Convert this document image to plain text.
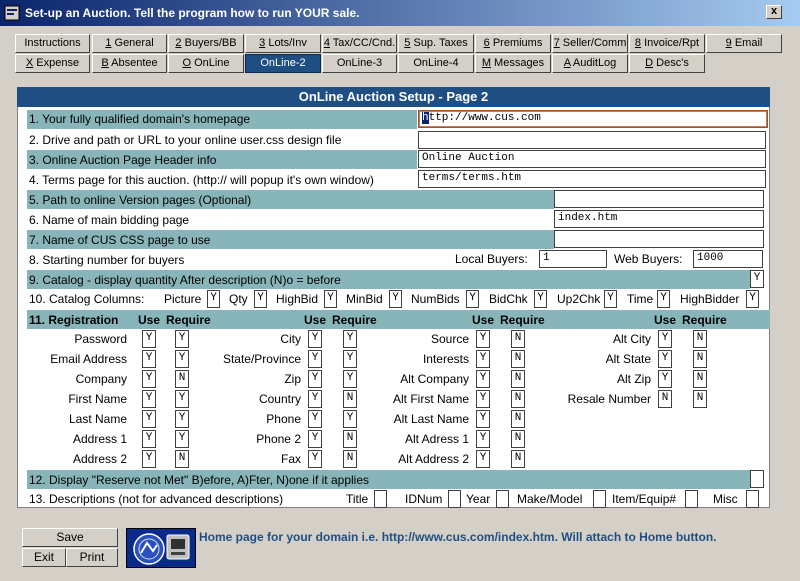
Set-up an Auction. Tell the program how to run YOUR sale.	x
Instructions	1 General	2 Buyers/BB	3 Lots/Inv	4 Tax/CC/Cnd. 5 Sup. Taxes	6 Premiums	7 Seller/Comm 8 Invoice/Rpt	9 Email
X Expense	B Absentee	O OnLine	OnLine-2	OnLine-3	OnLine-4	M Messages	A AuditLog	D Desc's
OnLine Auction Setup - Page 2
1. Your fully qualified domain's homepage	http://www.cus.com
2. Drive and path or URL to your online user.css design file
3. Online Auction Page Header info	Online Auction
4. Terms page for this auction. (http:// will popup it's own window)	terms/terms.htm
5. Path to online Version pages (Optional)
6. Name of main bidding page	index.htm
7. Name of CUS CSS page to use
8. Starting number for buyers	Local Buyers:	1	Web Buyers:	1000
9. Catalog - display quantity After description (N)o = before	Y
10. Catalog Columns: Picture Y Qty Y HighBid Y MinBid Y NumBids Y BidChk Y Up2Chk Y Time Y HighBidder Y
11. Registration Use Require
Password	Y	Y
Email Address	Y	Y
Company	Y	N
First Name	Y	Y
Last Name	Y	Y
Address 1	Y	Y
Address 2	Y	N
Use Require
City Y	Y
State/Province Y	Y
Zip Y	Y
Country Y	N
Phone Y	Y
Phone 2 Y	N
Fax Y	N
Use Require
Source Y	N
Interests Y	N
Alt Company Y	N
Alt First Name Y	N
Alt Last Name Y	N
Alt Adress 1 Y	N
Alt Address 2 Y	N
Use Require
Alt City Y	N
Alt State Y	N
Alt Zip Y	N
Resale Number N	N
12. Display "Reserve not Met" B)efore, A)Fter, N)one if it applies
13. Descriptions (not for advanced descriptions)	Title	IDNum Year Make/Model Item/Equip#	Misc
Save
Exit	Print
Home page for your domain i.e. http://www.cus.com/index.htm. Will attach to Home button.
